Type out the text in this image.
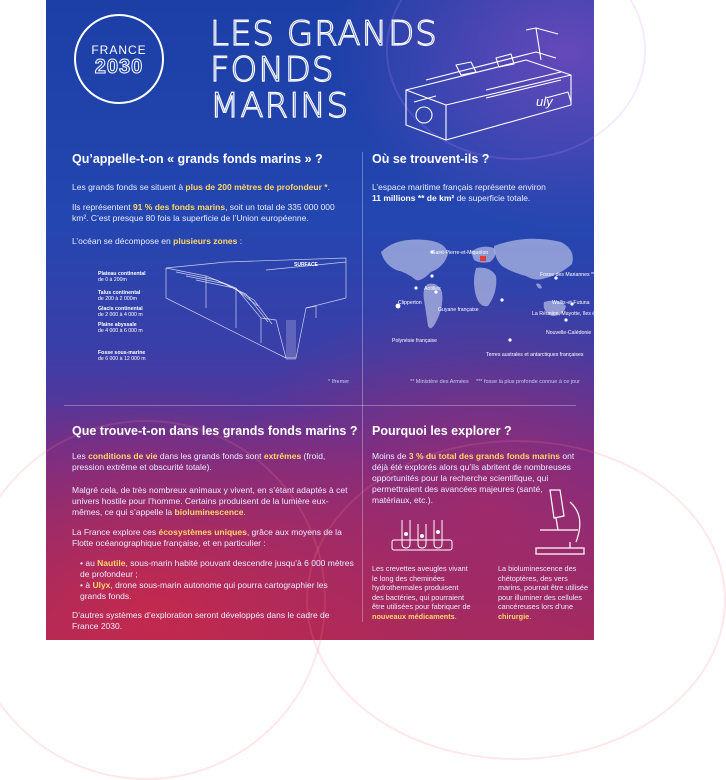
FRANCE
2030
LES GRANDS
FONDS
MARINS	uly
Qu’appelle-t-on « grands fonds marins » ?
Les grands fonds se situent à plus de 200 mètres de profondeur *.
Ils représentent 91 % des fonds marins, soit un total de 335 000 000 km². C’est presque 80 fois la superficie de l’Union européenne.
L’océan se décompose en plusieurs zones :
SURFACE
Plateau continental
de 0 à 200m
Talus continental
de 200 à 2 000m
Glacis continental
de 2 000 à 4 000 m
Plaine abyssale
de 4 000 à 6 000 m
Fosse sous-marine
de 6 000 à 12 000 m
* Ifremer
Où se trouvent-ils ?
L’espace maritime français représente environ
11 millions ** de km² de superficie totale.
Saint-Pierre-et-Miquelon
Antilles
Clipperton
Guyane française
Polynésie française
Terres australes et antarctiques françaises
La Réunion, Mayotte, îles éparses
Fosse des Mariannes ***
Wallis-et-Futuna
Nouvelle-Calédonie
** Ministère des Armées *** fosse la plus profonde connue à ce jour
Que trouve-t-on dans les grands fonds marins ?
Les conditions de vie dans les grands fonds sont extrêmes (froid, pression extrême et obscurité totale).
Malgré cela, de très nombreux animaux y vivent, en s’étant adaptés à cet univers hostile pour l’homme. Certains produisent de la lumière eux-mêmes, ce qui s’appelle la bioluminescence.
La France explore ces écosystèmes uniques, grâce aux moyens de la Flotte océanographique française, et en particulier :
• au Nautile, sous-marin habité pouvant descendre jusqu’à 6 000 mètres de profondeur ;
• à Ulyx, drone sous-marin autonome qui pourra cartographier les grands fonds.
D’autres systèmes d’exploration seront développés dans le cadre de France 2030.
Pourquoi les explorer ?
Moins de 3 % du total des grands fonds marins ont déjà été explorés alors qu’ils abritent de nombreuses opportunités pour la recherche scientifique, qui permettraient des avancées majeures (santé, matériaux, etc.).
Les crevettes aveugles vivant le long des cheminées hydrothermales produisent des bactéries, qui pourraient être utilisées pour fabriquer de nouveaux médicaments.
La bioluminescence des chétoptères, des vers marins, pourrait être utilisée pour illuminer des cellules cancéreuses lors d’une chirurgie.
